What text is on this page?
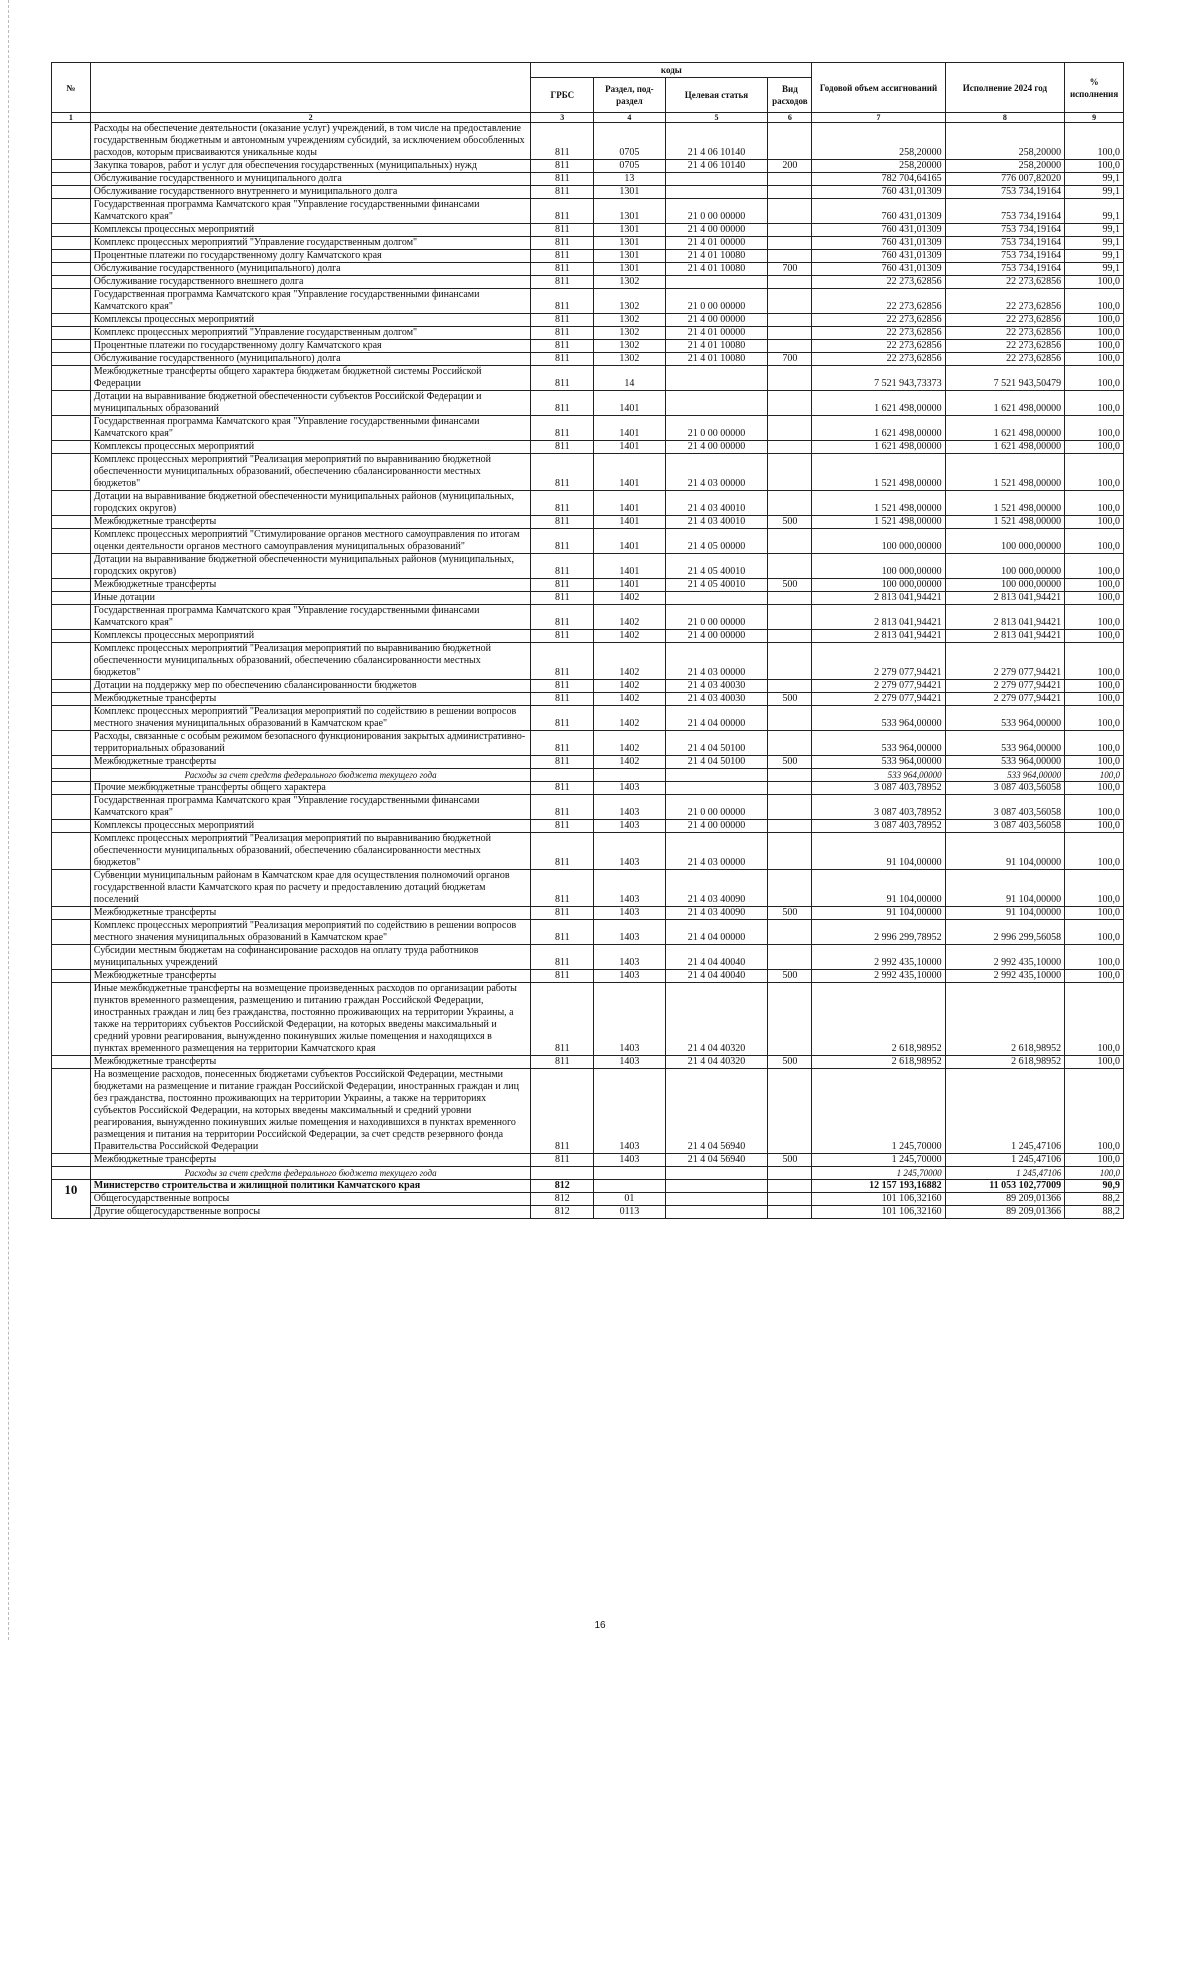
№		коды				Годовой объем ассигнований	Исполнение 2024 год	% исполнения
		ГРБС	Раздел, под-раздел	Целевая статья	Вид расходов			
1	2	3	4	5	6	7	8	9
	Расходы на обеспечение деятельности (оказание услуг) учреждений, в том числе на предоставление государственным бюджетным и автономным учреждениям субсидий, за исключением обособленных расходов, которым присваиваются уникальные коды	811	0705	21 4 06 10140		258,20000	258,20000	100,0
	Закупка товаров, работ и услуг для обеспечения государственных (муниципальных) нужд	811	0705	21 4 06 10140	200	258,20000	258,20000	100,0
	Обслуживание государственного и муниципального долга	811	13			782 704,64165	776 007,82020	99,1
	Обслуживание государственного внутреннего и муниципального долга	811	1301			760 431,01309	753 734,19164	99,1
	Государственная программа Камчатского края "Управление государственными финансами Камчатского края"	811	1301	21 0 00 00000		760 431,01309	753 734,19164	99,1
	Комплексы процессных мероприятий	811	1301	21 4 00 00000		760 431,01309	753 734,19164	99,1
	Комплекс процессных мероприятий "Управление государственным долгом"	811	1301	21 4 01 00000		760 431,01309	753 734,19164	99,1
	Процентные платежи по государственному долгу Камчатского края	811	1301	21 4 01 10080		760 431,01309	753 734,19164	99,1
	Обслуживание государственного (муниципального) долга	811	1301	21 4 01 10080	700	760 431,01309	753 734,19164	99,1
	Обслуживание государственного внешнего долга	811	1302			22 273,62856	22 273,62856	100,0
	Государственная программа Камчатского края "Управление государственными финансами Камчатского края"	811	1302	21 0 00 00000		22 273,62856	22 273,62856	100,0
	Комплексы процессных мероприятий	811	1302	21 4 00 00000		22 273,62856	22 273,62856	100,0
	Комплекс процессных мероприятий "Управление государственным долгом"	811	1302	21 4 01 00000		22 273,62856	22 273,62856	100,0
	Процентные платежи по государственному долгу Камчатского края	811	1302	21 4 01 10080		22 273,62856	22 273,62856	100,0
	Обслуживание государственного (муниципального) долга	811	1302	21 4 01 10080	700	22 273,62856	22 273,62856	100,0
	Межбюджетные трансферты общего характера бюджетам бюджетной системы Российской Федерации	811	14			7 521 943,73373	7 521 943,50479	100,0
	Дотации на выравнивание бюджетной обеспеченности субъектов Российской Федерации и муниципальных образований	811	1401			1 621 498,00000	1 621 498,00000	100,0
	Государственная программа Камчатского края "Управление государственными финансами Камчатского края"	811	1401	21 0 00 00000		1 621 498,00000	1 621 498,00000	100,0
	Комплексы процессных мероприятий	811	1401	21 4 00 00000		1 621 498,00000	1 621 498,00000	100,0
	Комплекс процессных мероприятий "Реализация мероприятий по выравниванию бюджетной обеспеченности муниципальных образований, обеспечению сбалансированности местных бюджетов"	811	1401	21 4 03 00000		1 521 498,00000	1 521 498,00000	100,0
	Дотации на выравнивание бюджетной обеспеченности муниципальных районов (муниципальных, городских округов)	811	1401	21 4 03 40010		1 521 498,00000	1 521 498,00000	100,0
	Межбюджетные трансферты	811	1401	21 4 03 40010	500	1 521 498,00000	1 521 498,00000	100,0
	Комплекс процессных мероприятий "Стимулирование органов местного самоуправления по итогам оценки деятельности органов местного самоуправления муниципальных образований"	811	1401	21 4 05 00000		100 000,00000	100 000,00000	100,0
	Дотации на выравнивание бюджетной обеспеченности муниципальных районов (муниципальных, городских округов)	811	1401	21 4 05 40010		100 000,00000	100 000,00000	100,0
	Межбюджетные трансферты	811	1401	21 4 05 40010	500	100 000,00000	100 000,00000	100,0
	Иные дотации	811	1402			2 813 041,94421	2 813 041,94421	100,0
	Государственная программа Камчатского края "Управление государственными финансами Камчатского края"	811	1402	21 0 00 00000		2 813 041,94421	2 813 041,94421	100,0
	Комплексы процессных мероприятий	811	1402	21 4 00 00000		2 813 041,94421	2 813 041,94421	100,0
	Комплекс процессных мероприятий "Реализация мероприятий по выравниванию бюджетной обеспеченности муниципальных образований, обеспечению сбалансированности местных бюджетов"	811	1402	21 4 03 00000		2 279 077,94421	2 279 077,94421	100,0
	Дотации на поддержку мер по обеспечению сбалансированности бюджетов	811	1402	21 4 03 40030		2 279 077,94421	2 279 077,94421	100,0
	Межбюджетные трансферты	811	1402	21 4 03 40030	500	2 279 077,94421	2 279 077,94421	100,0
	Комплекс процессных мероприятий "Реализация мероприятий по содействию в решении вопросов местного значения муниципальных образований в Камчатском крае"	811	1402	21 4 04 00000		533 964,00000	533 964,00000	100,0
	Расходы, связанные с особым режимом безопасного функционирования закрытых административно-территориальных образований	811	1402	21 4 04 50100		533 964,00000	533 964,00000	100,0
	Межбюджетные трансферты	811	1402	21 4 04 50100	500	533 964,00000	533 964,00000	100,0
	Расходы за счет средств федерального бюджета текущего года					533 964,00000	533 964,00000	100,0
	Прочие межбюджетные трансферты общего характера	811	1403			3 087 403,78952	3 087 403,56058	100,0
	Государственная программа Камчатского края "Управление государственными финансами Камчатского края"	811	1403	21 0 00 00000		3 087 403,78952	3 087 403,56058	100,0
	Комплексы процессных мероприятий	811	1403	21 4 00 00000		3 087 403,78952	3 087 403,56058	100,0
	Комплекс процессных мероприятий "Реализация мероприятий по выравниванию бюджетной обеспеченности муниципальных образований, обеспечению сбалансированности местных бюджетов"	811	1403	21 4 03 00000		91 104,00000	91 104,00000	100,0
	Субвенции муниципальным районам в Камчатском крае для осуществления полномочий органов государственной власти Камчатского края по расчету и предоставлению дотаций бюджетам поселений	811	1403	21 4 03 40090		91 104,00000	91 104,00000	100,0
	Межбюджетные трансферты	811	1403	21 4 03 40090	500	91 104,00000	91 104,00000	100,0
	Комплекс процессных мероприятий "Реализация мероприятий по содействию в решении вопросов местного значения муниципальных образований в Камчатском крае"	811	1403	21 4 04 00000		2 996 299,78952	2 996 299,56058	100,0
	Субсидии местным бюджетам на софинансирование расходов на оплату труда работников муниципальных учреждений	811	1403	21 4 04 40040		2 992 435,10000	2 992 435,10000	100,0
	Межбюджетные трансферты	811	1403	21 4 04 40040	500	2 992 435,10000	2 992 435,10000	100,0
	Иные межбюджетные трансферты на возмещение произведенных расходов по организации работы пунктов временного размещения, размещению и питанию граждан Российской Федерации, иностранных граждан и лиц без гражданства, постоянно проживающих на территории Украины, а также на территориях субъектов Российской Федерации, на которых введены максимальный и средний уровни реагирования, вынужденно покинувших жилые помещения и находящихся в пунктах временного размещения на территории Камчатского края	811	1403	21 4 04 40320		2 618,98952	2 618,98952	100,0
	Межбюджетные трансферты	811	1403	21 4 04 40320	500	2 618,98952	2 618,98952	100,0
	На возмещение расходов, понесенных бюджетами субъектов Российской Федерации, местными бюджетами на размещение и питание граждан Российской Федерации, иностранных граждан и лиц без гражданства, постоянно проживающих на территории Украины, а также на территориях субъектов Российской Федерации, на которых введены максимальный и средний уровни реагирования, вынужденно покинувших жилые помещения и находившихся в пунктах временного размещения и питания на территории Российской Федерации, за счет средств резервного фонда Правительства Российской Федерации	811	1403	21 4 04 56940		1 245,70000	1 245,47106	100,0
	Межбюджетные трансферты	811	1403	21 4 04 56940	500	1 245,70000	1 245,47106	100,0
	Расходы за счет средств федерального бюджета текущего года					1 245,70000	1 245,47106	100,0
10	Министерство строительства и жилищной политики Камчатского края	812				12 157 193,16882	11 053 102,77009	90,9
	Общегосударственные вопросы	812	01			101 106,32160	89 209,01366	88,2
	Другие общегосударственные вопросы	812	0113			101 106,32160	89 209,01366	88,2
16
